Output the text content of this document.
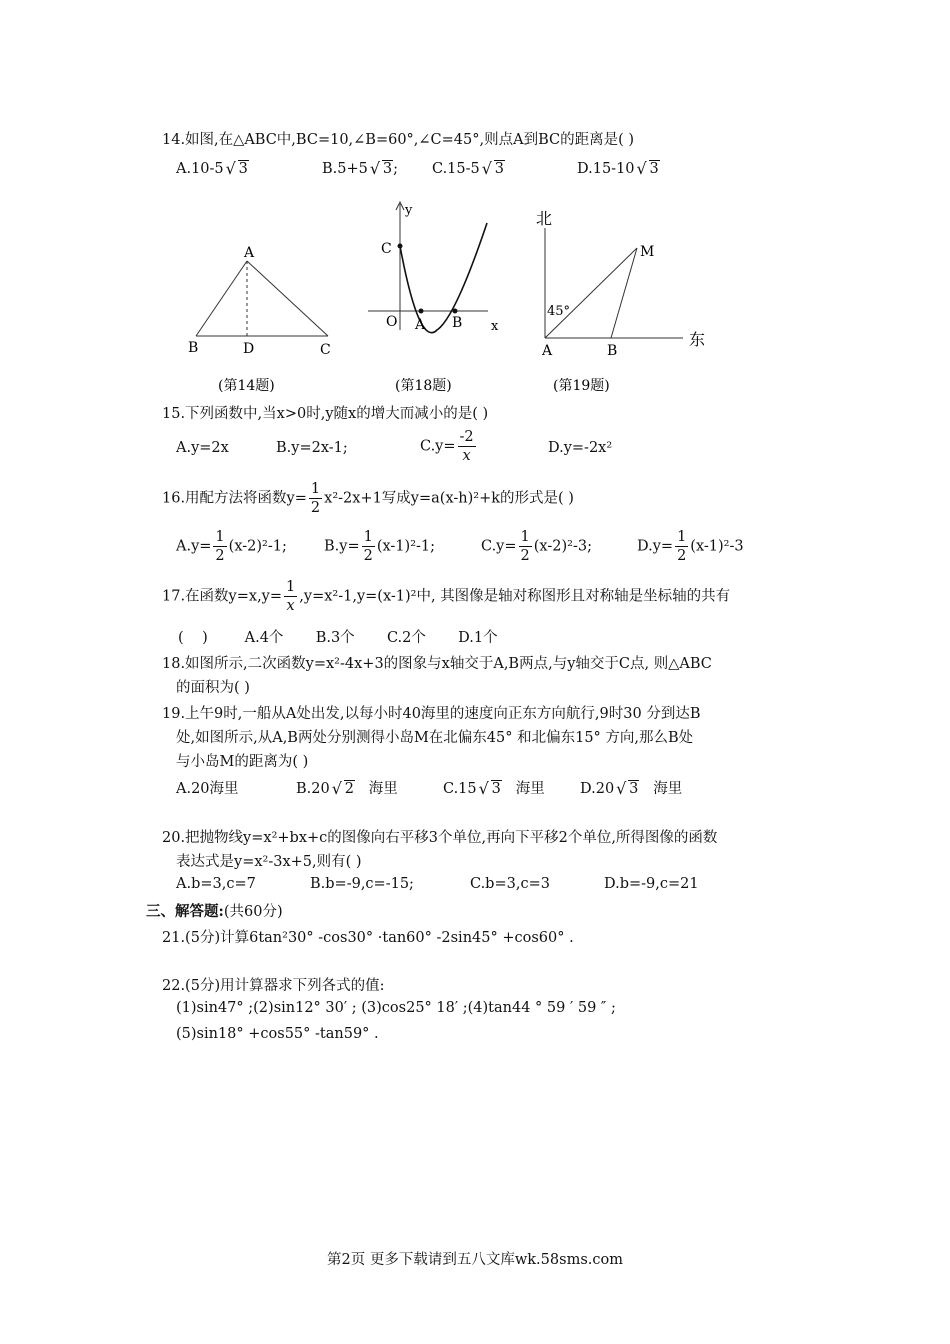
14.如图,在△ABC中,BC=10,∠B=60°,∠C=45°,则点A到BC的距离是( )
A.10-5 √ 3	B.5+5 √ 3; C.15-5 √ 3	D.15-10 √ 3
A
B	D	C
(第14题)
y
x
O A B
C
(第18题)
北
东
M
45°
A	B
(第19题)
15.下列函数中,当x>0时,y随x的增大而减小的是( )
A.y=2x	B.y=2x-1;	$C.y= \frac{-2}{x}$	D.y=-2x²
16.用配方法将函数$y= \frac{1}{2} x^2-2x+1$写成y=a(x-h)²+k的形式是( )
$A.y= \frac{1}{2} (x-2)^2-1$;	$B.y= \frac{1}{2} (x-1)^2-1$;	$C.y= \frac{1}{2} (x-2)^2-3$;	$D.y= \frac{1}{2} (x-1)^2-3$
17.在函数$y=x,y= \frac{1}{x} ,y=x^2-1,y=(x-1)^2$中, 其图像是轴对称图形且对称轴是坐标轴的共有
(    )        A.4个       B.3个       C.2个       D.1个
18.如图所示,二次函数y=x²-4x+3的图象与x轴交于A,B两点,与y轴交于C点, 则△ABC
的面积为( )
19.上午9时,一船从A处出发,以每小时40海里的速度向正东方向航行,9时30 分到达B
处,如图所示,从A,B两处分别测得小岛M在北偏东45° 和北偏东15° 方向,那么B处
与小岛M的距离为( )
A.20海里	B.20 √ 2 海里	C.15 √ 3 海里 D.20 √ 3 海里
20.把抛物线y=x²+bx+c的图像向右平移3个单位,再向下平移2个单位,所得图像的函数
表达式是y=x²-3x+5,则有( )
A.b=3,c=7	B.b=-9,c=-15;	C.b=3,c=3	D.b=-9,c=21
三、解答题:(共60分)
21.(5分)计算6tan²30° -cos30° ·tan60° -2sin45° +cos60° .
22.(5分)用计算器求下列各式的值:
(1)sin47° ;(2)sin12° 30′ ; (3)cos25° 18′ ;(4)tan44 ° 59 ′ 59 ″ ;
(5)sin18° +cos55° -tan59° .
第2页 更多下载请到五八文库wk.58sms.com
